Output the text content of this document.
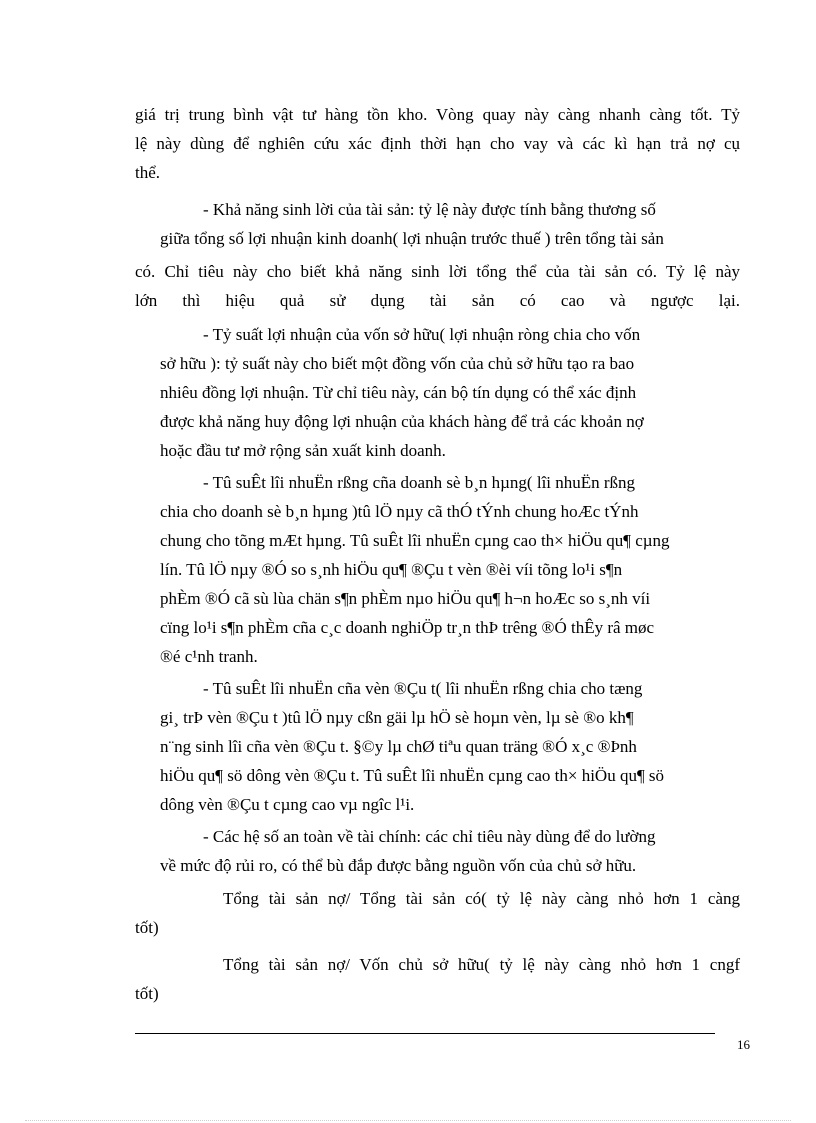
giá trị trung bình vật tư hàng tồn kho. Vòng quay này càng nhanh càng tốt. Tỷ
lệ này dùng để nghiên cứu xác định thời hạn cho vay và các kì hạn trả nợ cụ
thể.
- Khả năng sinh lời của tài sản: tỷ lệ này được tính bằng thương số
giữa tổng số lợi nhuận kinh doanh( lợi nhuận trước thuế ) trên tổng tài sản
có. Chỉ tiêu này cho biết khả năng sinh lời tổng thể của tài sản có. Tỷ lệ này
lớn thì hiệu quả sử dụng tài sản có cao và ngược lại.
- Tỷ suất lợi nhuận của vốn sở hữu( lợi nhuận ròng chia cho vốn
sở hữu ): tỷ suất này cho biết một đồng vốn của chủ sở hữu tạo ra bao
nhiêu đồng lợi nhuận. Từ chỉ tiêu này, cán bộ tín dụng có thể xác định
được khả năng huy động lợi nhuận của khách hàng để trả các khoản nợ
hoặc đầu tư mở rộng sản xuất kinh doanh.
- Tû suÊt lîi nhuËn rßng cña doanh sè b¸n hµng( lîi nhuËn rßng
chia cho doanh sè b¸n hµng )tû lÖ nµy cã thÓ tÝnh chung hoÆc tÝnh
chung cho tõng mÆt hµng. Tû suÊt lîi nhuËn cµng cao th× hiÖu qu¶ cµng
lín. Tû lÖ nµy ®Ó so s¸nh hiÖu qu¶ ®Çu t vèn ®èi víi tõng lo¹i s¶n
phÈm ®Ó cã sù lùa chän s¶n phÈm nµo hiÖu qu¶ h¬n hoÆc so s¸nh víi
cïng lo¹i s¶n phÈm cña c¸c doanh nghiÖp tr¸n thÞ trêng ®Ó thÊy râ møc
®é c¹nh tranh.
- Tû suÊt lîi nhuËn cña vèn ®Çu t( lîi nhuËn rßng chia cho tæng
gi¸ trÞ vèn ®Çu t )tû lÖ nµy cßn gäi lµ hÖ sè hoµn vèn, lµ sè ®o kh¶
n¨ng sinh lîi cña vèn ®Çu t. §©y lµ chØ tiªu quan träng ®Ó x¸c ®Þnh
hiÖu qu¶ sö dông vèn ®Çu t. Tû suÊt lîi nhuËn cµng cao th× hiÖu qu¶ sö
dông vèn ®Çu t cµng cao vµ ngîc l¹i.
- Các hệ số an toàn về tài chính: các chỉ tiêu này dùng để do lường
về mức độ rủi ro, có thể bù đắp được bằng nguồn vốn của chủ sở hữu.
Tổng tài sản nợ/ Tổng tài sản có( tỷ lệ này càng nhỏ hơn 1 càng
tốt)
Tổng tài sản nợ/ Vốn chủ sở hữu( tỷ lệ này càng nhỏ hơn 1 cngf
tốt)
16
